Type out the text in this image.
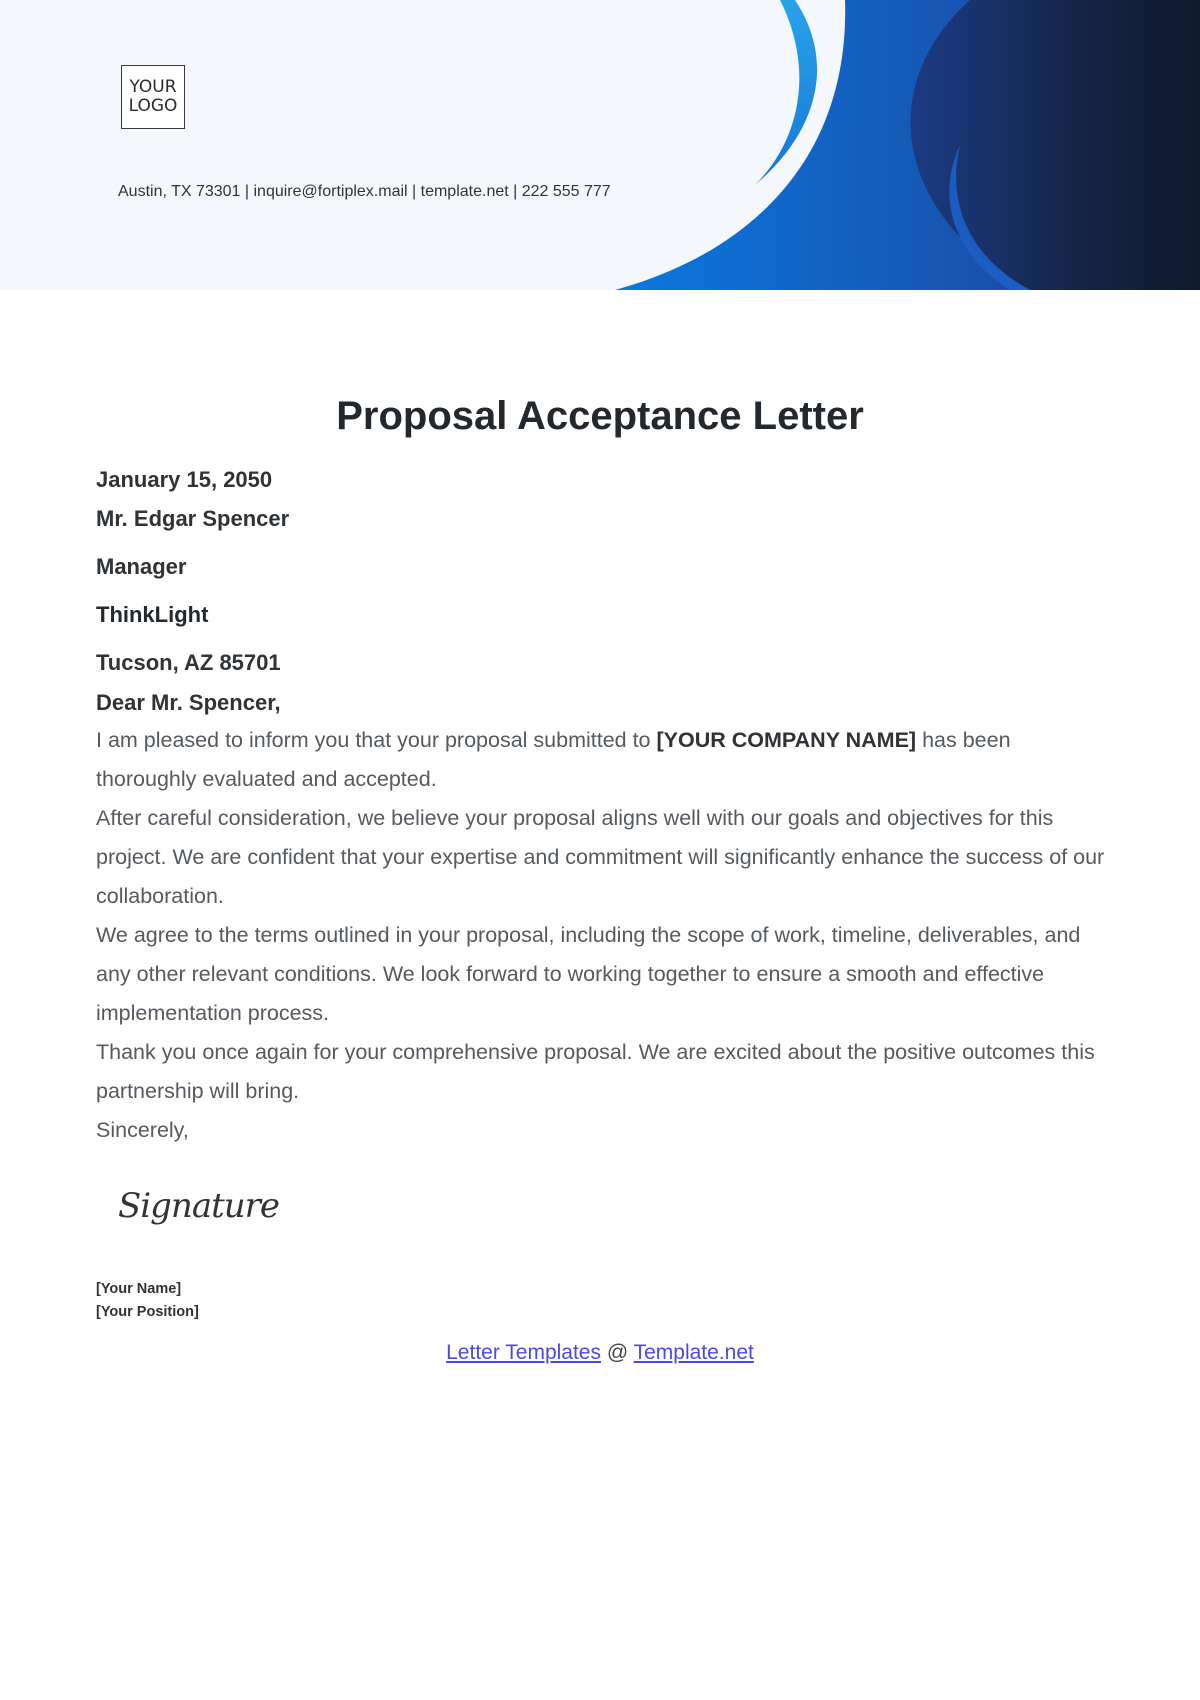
YOUR LOGO
Austin, TX 73301 | inquire@fortiplex.mail | template.net | 222 555 777
Proposal Acceptance Letter
January 15, 2050
Mr. Edgar Spencer
Manager
ThinkLight
Tucson, AZ 85701
Dear Mr. Spencer,
I am pleased to inform you that your proposal submitted to [YOUR COMPANY NAME] has been thoroughly evaluated and accepted.
After careful consideration, we believe your proposal aligns well with our goals and objectives for this project. We are confident that your expertise and commitment will significantly enhance the success of our collaboration.
We agree to the terms outlined in your proposal, including the scope of work, timeline, deliverables, and any other relevant conditions. We look forward to working together to ensure a smooth and effective implementation process.
Thank you once again for your comprehensive proposal. We are excited about the positive outcomes this partnership will bring.
Sincerely,
Signature
[Your Name]
[Your Position]
Letter Templates @ Template.net
